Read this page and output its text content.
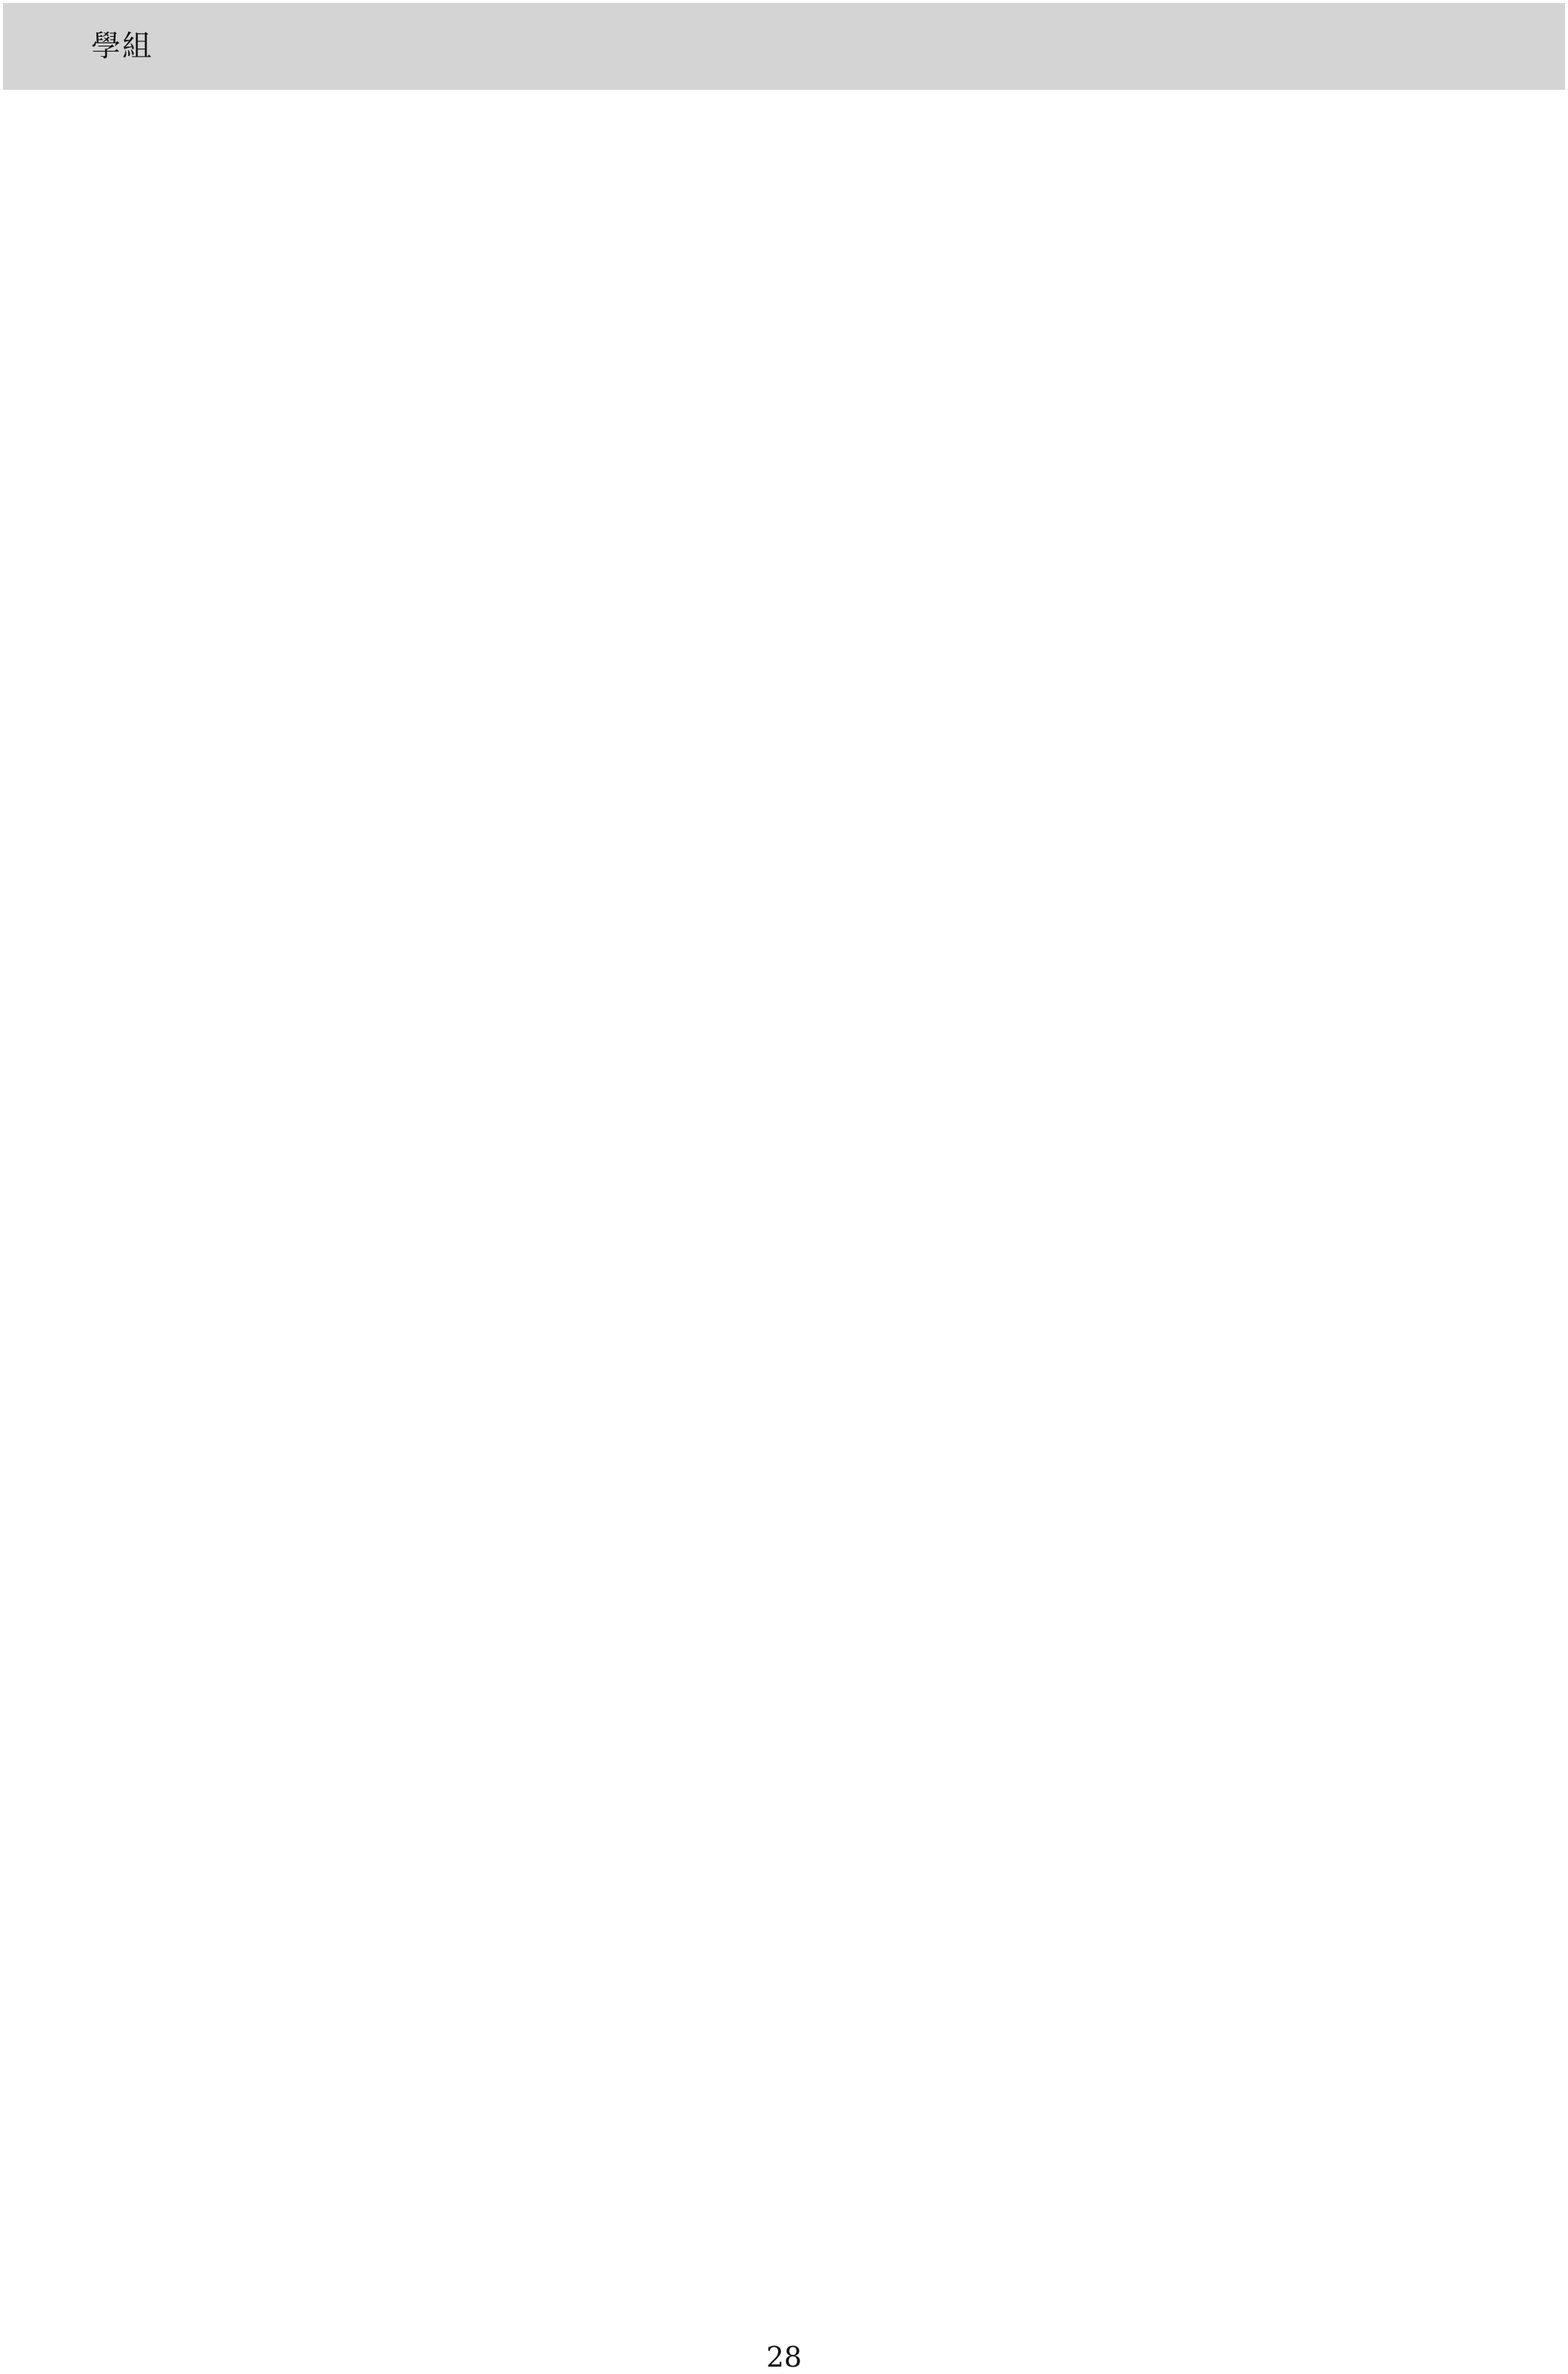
學組
28
